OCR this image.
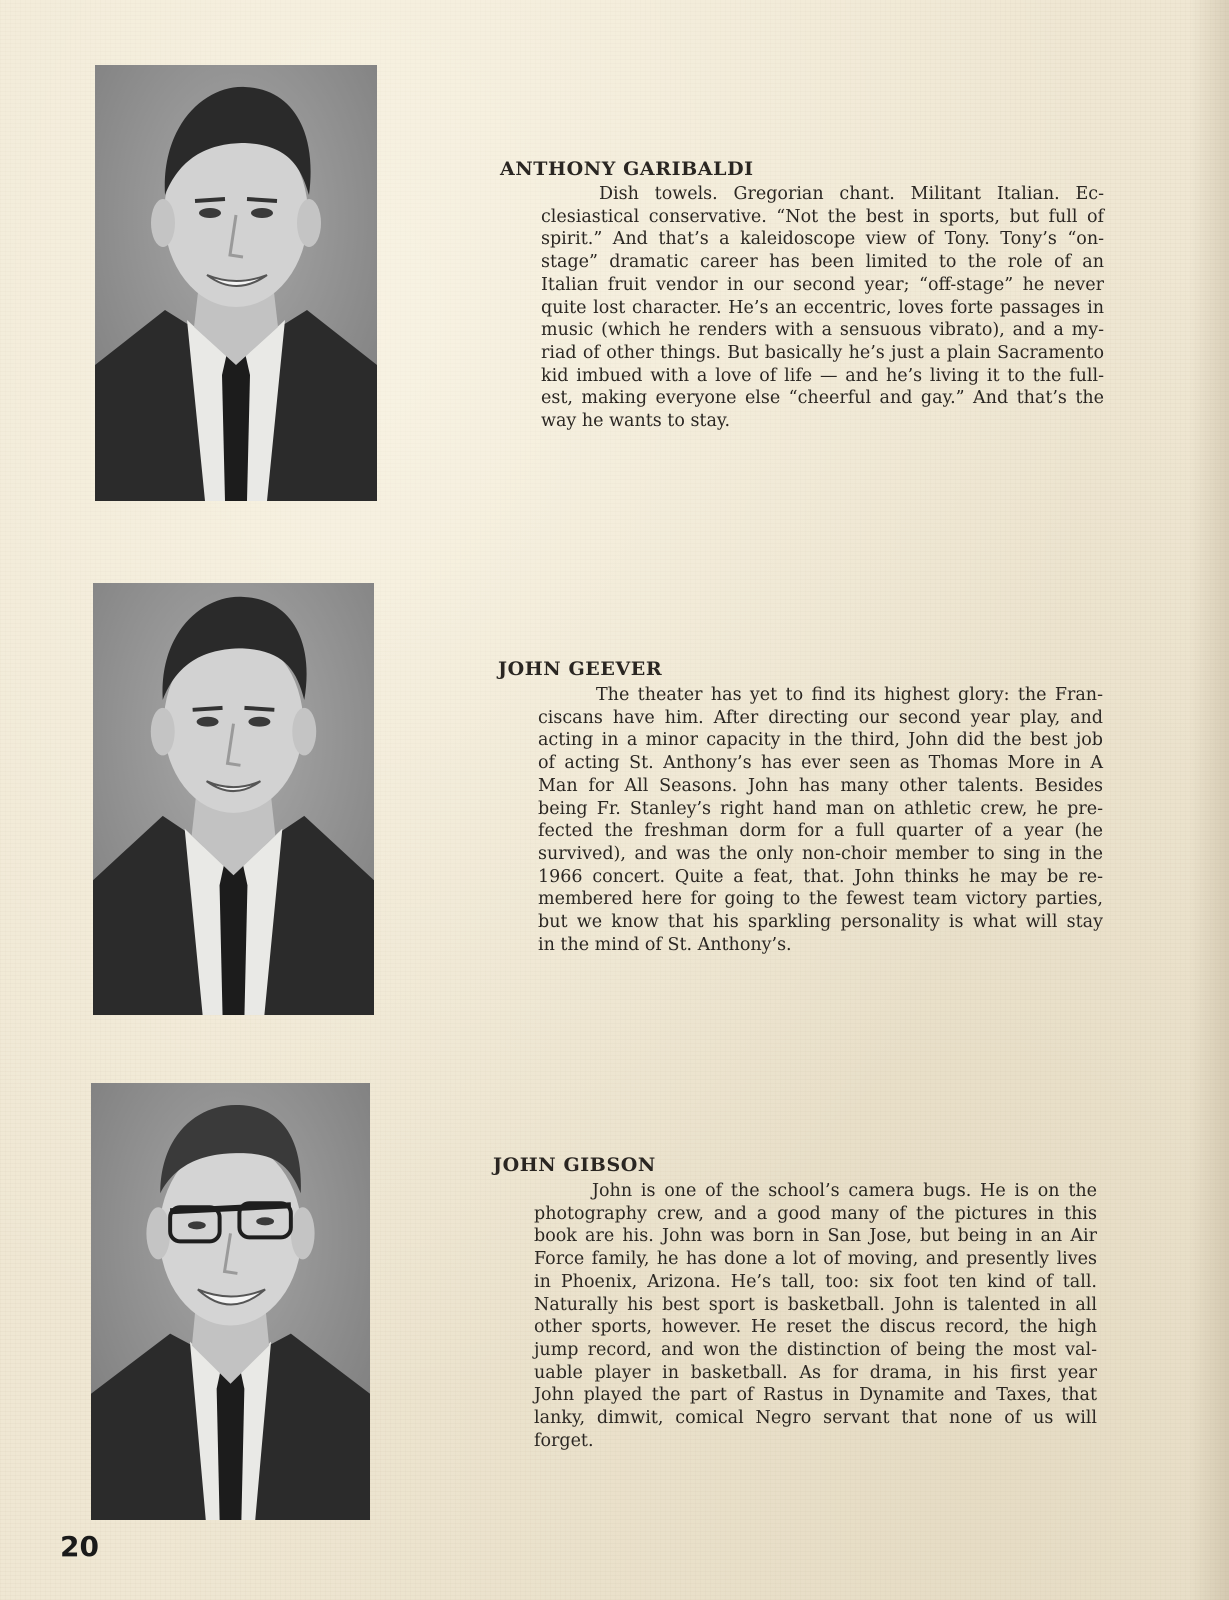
ANTHONY GARIBALDI
Dish towels. Gregorian chant. Militant Italian. Ec-
clesiastical conservative. “Not the best in sports, but full of
spirit.” And that’s a kaleidoscope view of Tony. Tony’s “on-
stage” dramatic career has been limited to the role of an
Italian fruit vendor in our second year; “off-stage” he never
quite lost character. He’s an eccentric, loves forte passages in
music (which he renders with a sensuous vibrato), and a my-
riad of other things. But basically he’s just a plain Sacramento
kid imbued with a love of life — and he’s living it to the full-
est, making everyone else “cheerful and gay.” And that’s the
way he wants to stay.
JOHN GEEVER
The theater has yet to find its highest glory: the Fran-
ciscans have him. After directing our second year play, and
acting in a minor capacity in the third, John did the best job
of acting St. Anthony’s has ever seen as Thomas More in A
Man for All Seasons. John has many other talents. Besides
being Fr. Stanley’s right hand man on athletic crew, he pre-
fected the freshman dorm for a full quarter of a year (he
survived), and was the only non-choir member to sing in the
1966 concert. Quite a feat, that. John thinks he may be re-
membered here for going to the fewest team victory parties,
but we know that his sparkling personality is what will stay
in the mind of St. Anthony’s.
JOHN GIBSON
John is one of the school’s camera bugs. He is on the
photography crew, and a good many of the pictures in this
book are his. John was born in San Jose, but being in an Air
Force family, he has done a lot of moving, and presently lives
in Phoenix, Arizona. He’s tall, too: six foot ten kind of tall.
Naturally his best sport is basketball. John is talented in all
other sports, however. He reset the discus record, the high
jump record, and won the distinction of being the most val-
uable player in basketball. As for drama, in his first year
John played the part of Rastus in Dynamite and Taxes, that
lanky, dimwit, comical Negro servant that none of us will
forget.

20
